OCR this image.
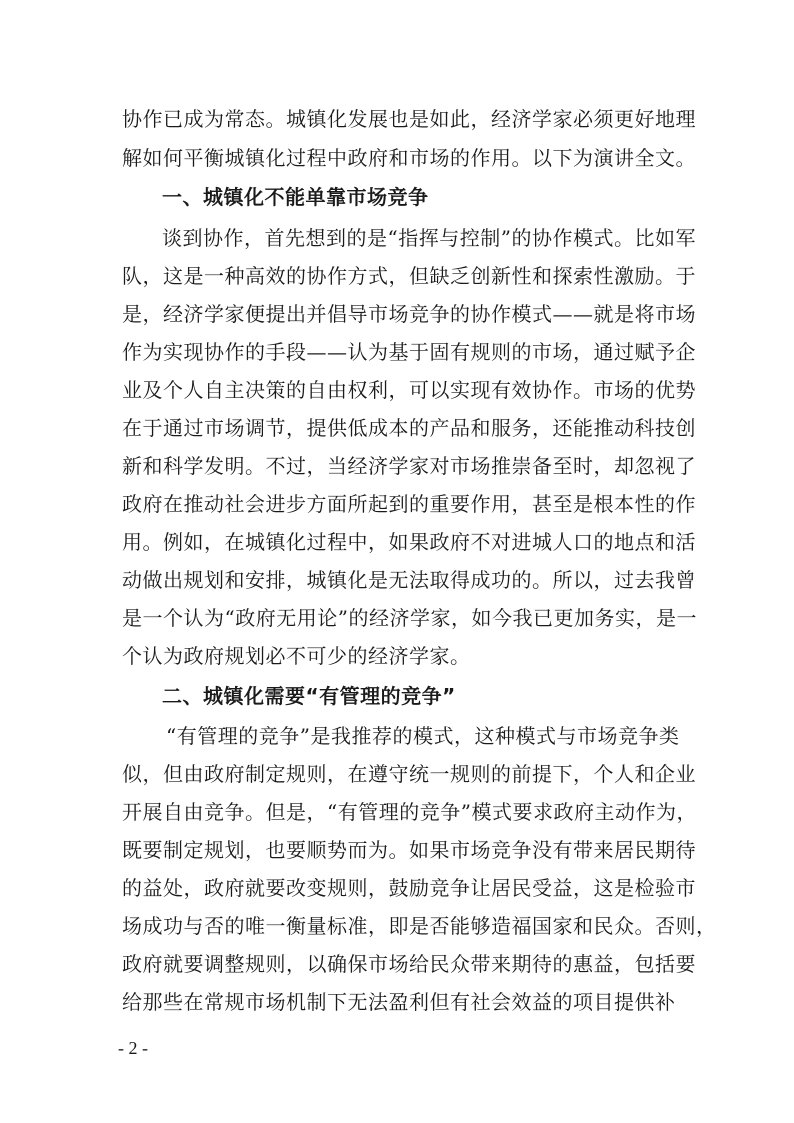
协作已成为常态。城镇化发展也是如此，经济学家必须更好地理
解如何平衡城镇化过程中政府和市场的作用。以下为演讲全文。
一、城镇化不能单靠市场竞争
谈到协作，首先想到的是“指挥与控制”的协作模式。比如军
队，这是一种高效的协作方式，但缺乏创新性和探索性激励。于
是，经济学家便提出并倡导市场竞争的协作模式——就是将市场
作为实现协作的手段——认为基于固有规则的市场，通过赋予企
业及个人自主决策的自由权利，可以实现有效协作。市场的优势
在于通过市场调节，提供低成本的产品和服务，还能推动科技创
新和科学发明。不过，当经济学家对市场推崇备至时，却忽视了
政府在推动社会进步方面所起到的重要作用，甚至是根本性的作
用。例如，在城镇化过程中，如果政府不对进城人口的地点和活
动做出规划和安排，城镇化是无法取得成功的。所以，过去我曾
是一个认为“政府无用论”的经济学家，如今我已更加务实，是一
个认为政府规划必不可少的经济学家。
二、城镇化需要“有管理的竞争”
“有管理的竞争”是我推荐的模式，这种模式与市场竞争类
似，但由政府制定规则，在遵守统一规则的前提下，个人和企业
开展自由竞争。但是，“有管理的竞争”模式要求政府主动作为，
既要制定规划，也要顺势而为。如果市场竞争没有带来居民期待
的益处，政府就要改变规则，鼓励竞争让居民受益，这是检验市
场成功与否的唯一衡量标准，即是否能够造福国家和民众。否则，
政府就要调整规则，以确保市场给民众带来期待的惠益，包括要
给那些在常规市场机制下无法盈利但有社会效益的项目提供补
- 2 -
